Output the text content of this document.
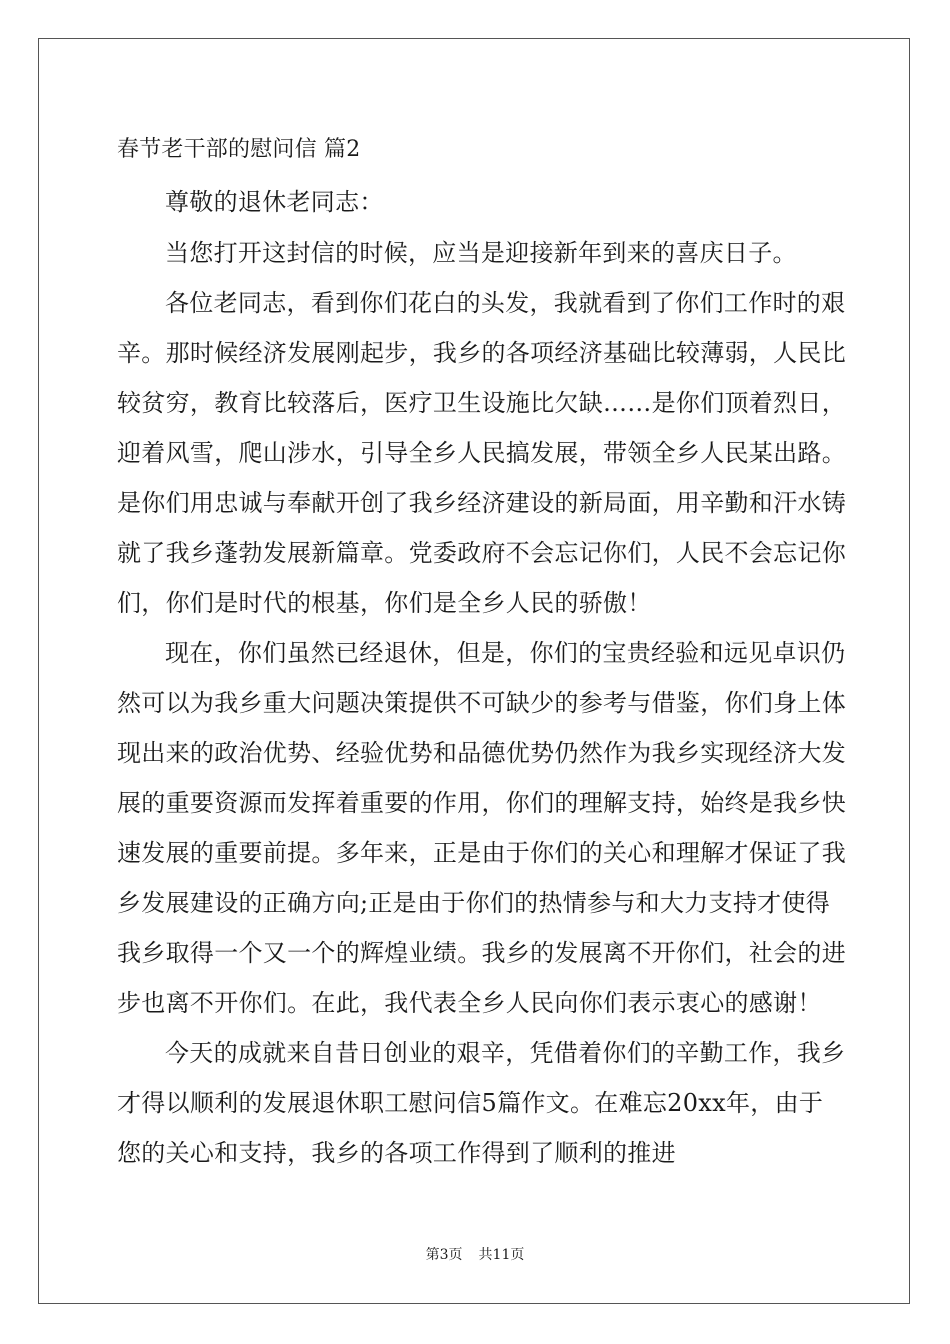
春节老干部的慰问信 篇2
尊敬的退休老同志：
当您打开这封信的时候，应当是迎接新年到来的喜庆日子。
各位老同志，看到你们花白的头发，我就看到了你们工作时的艰
辛。那时候经济发展刚起步，我乡的各项经济基础比较薄弱，人民比
较贫穷，教育比较落后，医疗卫生设施比欠缺……是你们顶着烈日，
迎着风雪，爬山涉水，引导全乡人民搞发展，带领全乡人民某出路。
是你们用忠诚与奉献开创了我乡经济建设的新局面，用辛勤和汗水铸
就了我乡蓬勃发展新篇章。党委政府不会忘记你们，人民不会忘记你
们，你们是时代的根基，你们是全乡人民的骄傲！
现在，你们虽然已经退休，但是，你们的宝贵经验和远见卓识仍
然可以为我乡重大问题决策提供不可缺少的参考与借鉴，你们身上体
现出来的政治优势、经验优势和品德优势仍然作为我乡实现经济大发
展的重要资源而发挥着重要的作用，你们的理解支持，始终是我乡快
速发展的重要前提。多年来，正是由于你们的关心和理解才保证了我
乡发展建设的正确方向;正是由于你们的热情参与和大力支持才使得
我乡取得一个又一个的辉煌业绩。我乡的发展离不开你们，社会的进
步也离不开你们。在此，我代表全乡人民向你们表示衷心的感谢！
今天的成就来自昔日创业的艰辛，凭借着你们的辛勤工作，我乡
才得以顺利的发展退休职工慰问信5篇作文。在难忘20xx年，由于
您的关心和支持，我乡的各项工作得到了顺利的推进
第3页 共11页
